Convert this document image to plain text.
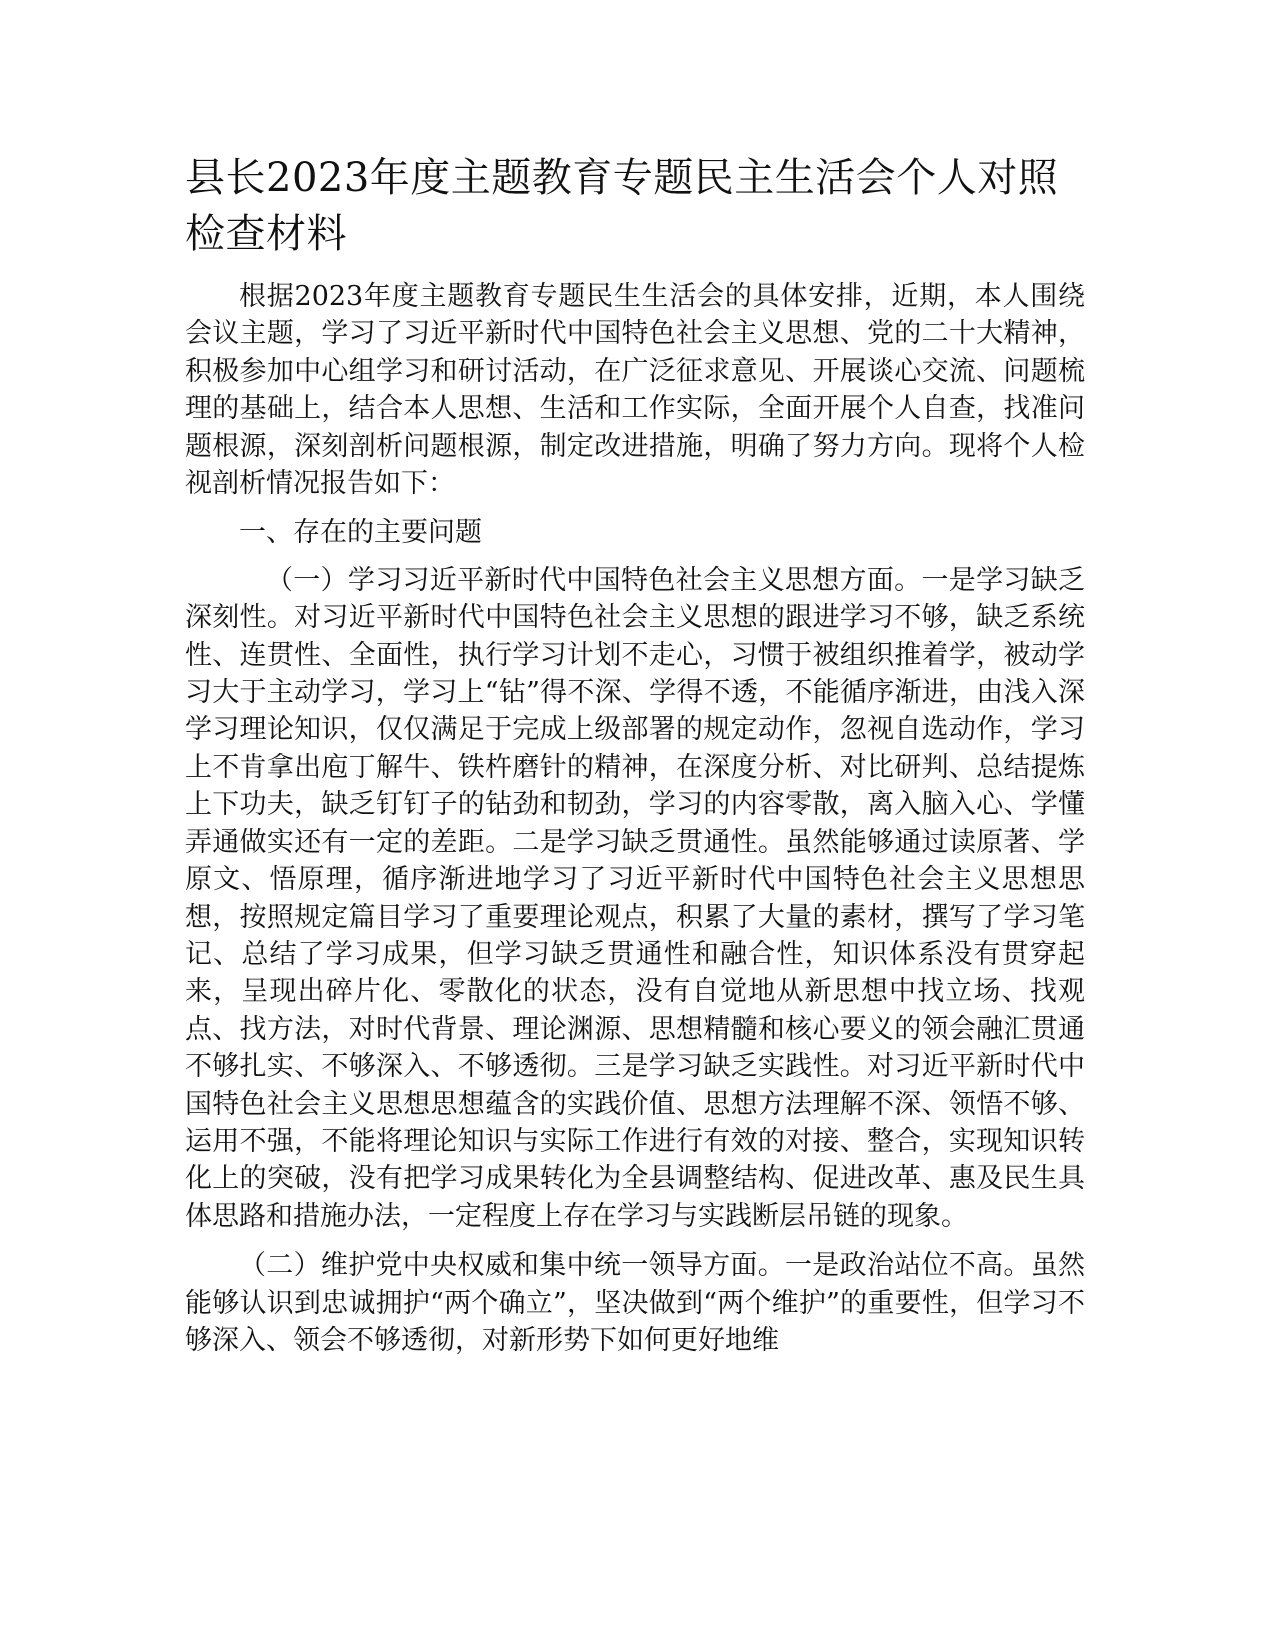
县长2023年度主题教育专题民主生活会个人对照检查材料

根据2023年度主题教育专题民生生活会的具体安排，近期，本人围绕会议主题，学习了习近平新时代中国特色社会主义思想、党的二十大精神，积极参加中心组学习和研讨活动，在广泛征求意见、开展谈心交流、问题梳理的基础上，结合本人思想、生活和工作实际，全面开展个人自查，找准问题根源，深刻剖析问题根源，制定改进措施，明确了努力方向。现将个人检视剖析情况报告如下：

一、存在的主要问题

（一）学习习近平新时代中国特色社会主义思想方面。一是学习缺乏深刻性。对习近平新时代中国特色社会主义思想的跟进学习不够，缺乏系统性、连贯性、全面性，执行学习计划不走心，习惯于被组织推着学，被动学习大于主动学习，学习上“钻”得不深、学得不透，不能循序渐进，由浅入深学习理论知识，仅仅满足于完成上级部署的规定动作，忽视自选动作，学习上不肯拿出庖丁解牛、铁杵磨针的精神，在深度分析、对比研判、总结提炼上下功夫，缺乏钉钉子的钻劲和韧劲，学习的内容零散，离入脑入心、学懂弄通做实还有一定的差距。二是学习缺乏贯通性。虽然能够通过读原著、学原文、悟原理，循序渐进地学习了习近平新时代中国特色社会主义思想思想，按照规定篇目学习了重要理论观点，积累了大量的素材，撰写了学习笔记、总结了学习成果，但学习缺乏贯通性和融合性，知识体系没有贯穿起来，呈现出碎片化、零散化的状态，没有自觉地从新思想中找立场、找观点、找方法，对时代背景、理论渊源、思想精髓和核心要义的领会融汇贯通不够扎实、不够深入、不够透彻。三是学习缺乏实践性。对习近平新时代中国特色社会主义思想思想蕴含的实践价值、思想方法理解不深、领悟不够、运用不强，不能将理论知识与实际工作进行有效的对接、整合，实现知识转化上的突破，没有把学习成果转化为全县调整结构、促进改革、惠及民生具体思路和措施办法，一定程度上存在学习与实践断层吊链的现象。

（二）维护党中央权威和集中统一领导方面。一是政治站位不高。虽然能够认识到忠诚拥护“两个确立”，坚决做到“两个维护”的重要性，但学习不够深入、领会不够透彻，对新形势下如何更好地维
